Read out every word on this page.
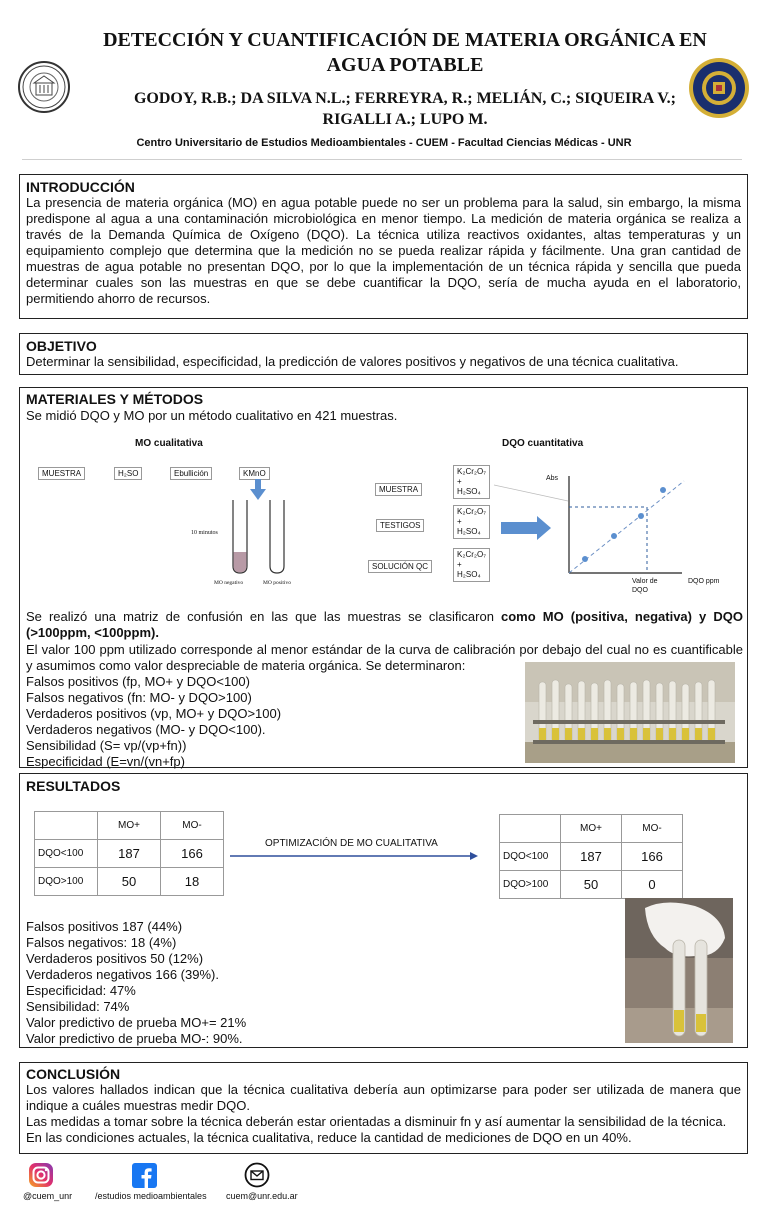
DETECCIÓN Y CUANTIFICACIÓN DE MATERIA ORGÁNICA EN AGUA POTABLE
GODOY, R.B.; DA SILVA N.L.; FERREYRA, R.; MELIÁN, C.; SIQUEIRA V.;
RIGALLI A.; LUPO M.
Centro Universitario de Estudios Medioambientales - CUEM - Facultad Ciencias Médicas - UNR
INTRODUCCIÓN
La presencia de materia orgánica (MO) en agua potable puede no ser un problema para la salud, sin embargo, la misma predispone al agua a una contaminación microbiológica en menor tiempo. La medición de materia orgánica se realiza a través de la Demanda Química de Oxígeno (DQO). La técnica utiliza reactivos oxidantes, altas temperaturas y un equipamiento complejo que determina que la medición no se pueda realizar rápida y fácilmente. Una gran cantidad de muestras de agua potable no presentan DQO, por lo que la implementación de un técnica rápida y sencilla que pueda determinar cuales son las muestras en que se debe cuantificar la DQO, sería de mucha ayuda en el laboratorio, permitiendo ahorro de recursos.
OBJETIVO
Determinar la sensibilidad, especificidad, la predicción de valores positivos y negativos de una técnica cualitativa.
MATERIALES Y MÉTODOS
Se midió DQO y MO por un método cualitativo en 421 muestras.
MO cualitativa
MUESTRA	H₂SO	Ebullición	KMnO
10 minutos
MO negativo	MO positivo
DQO cuantitativa
MUESTRA
TESTIGOS
SOLUCIÓN QC
K₂Cr₂O₇
+
H₂SO₄
K₂Cr₂O₇
+
H₂SO₄
K₂Cr₂O₇
+
H₂SO₄
Abs
Valor de
DQO
DQO ppm
Se realizó una matriz de confusión en las que las muestras se clasificaron como MO (positiva, negativa) y DQO (>100ppm, <100ppm).
El valor 100 ppm utilizado corresponde al menor estándar de la curva de calibración por debajo del cual no es cuantificable y asumimos como valor despreciable de materia orgánica. Se determinaron:
Falsos positivos (fp, MO+ y DQO<100)
Falsos negativos (fn: MO- y DQO>100)
Verdaderos positivos (vp, MO+ y DQO>100)
Verdaderos negativos (MO- y DQO<100).
Sensibilidad (S= vp/(vp+fn))
Especificidad (E=vn/(vn+fp)
RESULTADOS
	MO+	MO-
DQO<100	187	166
DQO>100	50	18
OPTIMIZACIÓN DE MO CUALITATIVA
	MO+	MO-
DQO<100	187	166
DQO>100	50	0
Falsos positivos 187 (44%)
Falsos negativos: 18 (4%)
Verdaderos positivos 50 (12%)
Verdaderos negativos 166 (39%).
Especificidad: 47%
Sensibilidad: 74%
Valor predictivo de prueba MO+= 21%
Valor predictivo de prueba MO-: 90%.
CONCLUSIÓN
Los valores hallados indican que la técnica cualitativa debería aun optimizarse para poder ser utilizada de manera que indique a cuáles muestras medir DQO.
Las medidas a tomar sobre la técnica deberán estar orientadas a disminuir fn y así aumentar la sensibilidad de la técnica.
En las condiciones actuales, la técnica cualitativa, reduce la cantidad de mediciones de DQO en un 40%.
@cuem_unr	/estudios medioambientales cuem@unr.edu.ar
